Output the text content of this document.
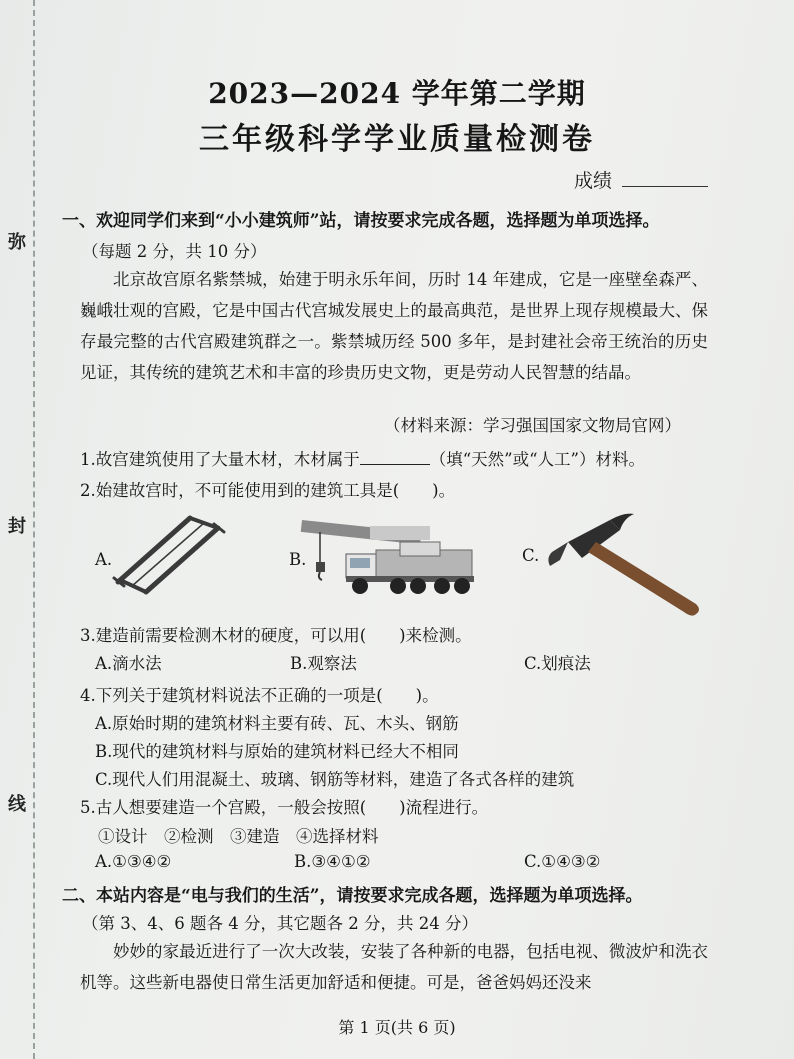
弥
封
线
2023—2024 学年第二学期
三年级科学学业质量检测卷
成绩
一、欢迎同学们来到“小小建筑师”站，请按要求完成各题，选择题为单项选择。
（每题 2 分，共 10 分）
北京故宫原名紫禁城，始建于明永乐年间，历时 14 年建成，它是一座壁垒森严、巍峨壮观的宫殿，它是中国古代宫城发展史上的最高典范，是世界上现存规模最大、保存最完整的古代宫殿建筑群之一。紫禁城历经 500 多年，是封建社会帝王统治的历史见证，其传统的建筑艺术和丰富的珍贵历史文物，更是劳动人民智慧的结晶。
（材料来源：学习强国国家文物局官网）
1.故宫建筑使用了大量木材，木材属于	（填“天然”或“人工”）材料。
2.始建故宫时，不可能使用到的建筑工具是(　　)。
A.	B.	C.
3.建造前需要检测木材的硬度，可以用(　　)来检测。
A.滴水法	B.观察法	C.划痕法
4.下列关于建筑材料说法不正确的一项是(　　)。
A.原始时期的建筑材料主要有砖、瓦、木头、钢筋
B.现代的建筑材料与原始的建筑材料已经大不相同
C.现代人们用混凝土、玻璃、钢筋等材料，建造了各式各样的建筑
5.古人想要建造一个宫殿，一般会按照(　　)流程进行。
①设计　②检测　③建造　④选择材料
A.①③④②	B.③④①②	C.①④③②
二、本站内容是“电与我们的生活”，请按要求完成各题，选择题为单项选择。
（第 3、4、6 题各 4 分，其它题各 2 分，共 24 分）
妙妙的家最近进行了一次大改装，安装了各种新的电器，包括电视、微波炉和洗衣机等。这些新电器使日常生活更加舒适和便捷。可是，爸爸妈妈还没来
第 1 页(共 6 页)
